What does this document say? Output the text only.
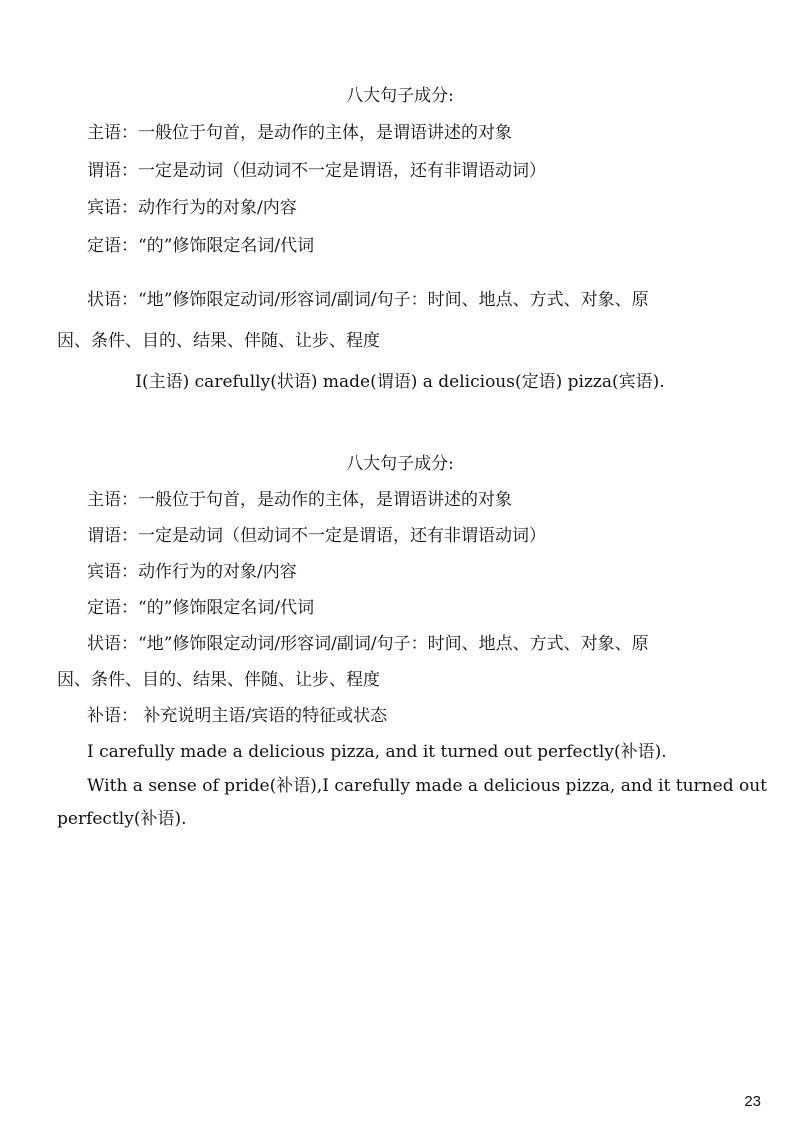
八大句子成分:

主语：一般位于句首，是动作的主体，是谓语讲述的对象

谓语：一定是动词（但动词不一定是谓语，还有非谓语动词）

宾语：动作行为的对象/内容

定语：“的”修饰限定名词/代词

状语：“地”修饰限定动词/形容词/副词/句子：时间、地点、方式、对象、原

因、条件、目的、结果、伴随、让步、程度

I(主语) carefully(状语) made(谓语) a delicious(定语) pizza(宾语).

八大句子成分:

主语：一般位于句首，是动作的主体，是谓语讲述的对象

谓语：一定是动词（但动词不一定是谓语，还有非谓语动词）

宾语：动作行为的对象/内容

定语：“的”修饰限定名词/代词

状语：“地”修饰限定动词/形容词/副词/句子：时间、地点、方式、对象、原

因、条件、目的、结果、伴随、让步、程度

补语： 补充说明主语/宾语的特征或状态

I carefully made a delicious pizza, and it turned out perfectly(补语).

With a sense of pride(补语),I carefully made a delicious pizza, and it turned out

perfectly(补语).

23
